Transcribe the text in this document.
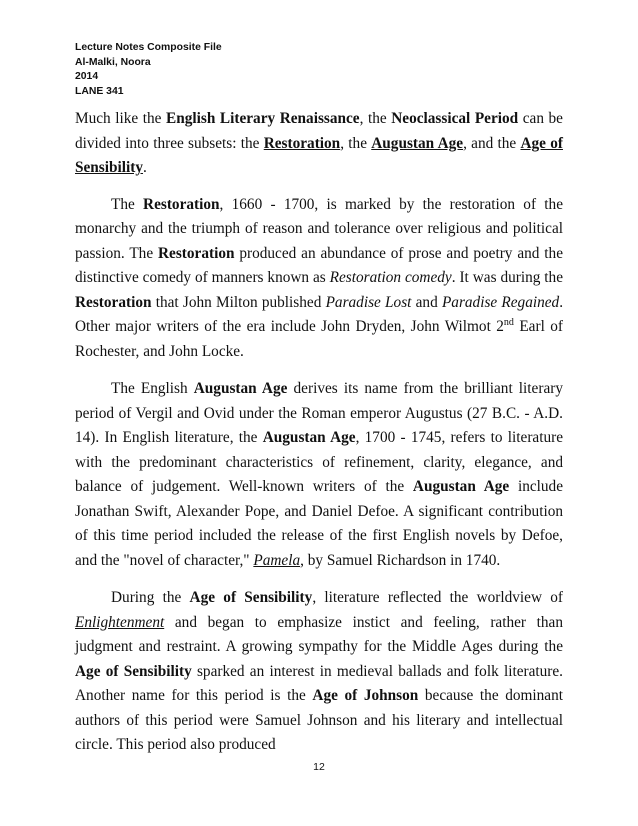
Lecture Notes Composite File
Al-Malki, Noora
2014
LANE 341

Much like the English Literary Renaissance, the Neoclassical Period can be divided into three subsets: the Restoration, the Augustan Age, and the Age of Sensibility.

The Restoration, 1660 - 1700, is marked by the restoration of the monarchy and the triumph of reason and tolerance over religious and political passion. The Restoration produced an abundance of prose and poetry and the distinctive comedy of manners known as Restoration comedy. It was during the Restoration that John Milton published Paradise Lost and Paradise Regained. Other major writers of the era include John Dryden, John Wilmot 2nd Earl of Rochester, and John Locke.

The English Augustan Age derives its name from the brilliant literary period of Vergil and Ovid under the Roman emperor Augustus (27 B.C. - A.D. 14). In English literature, the Augustan Age, 1700 - 1745, refers to literature with the predominant characteristics of refinement, clarity, elegance, and balance of judgement. Well-known writers of the Augustan Age include Jonathan Swift, Alexander Pope, and Daniel Defoe. A significant contribution of this time period included the release of the first English novels by Defoe, and the "novel of character," Pamela, by Samuel Richardson in 1740.

During the Age of Sensibility, literature reflected the worldview of Enlightenment and began to emphasize instict and feeling, rather than judgment and restraint. A growing sympathy for the Middle Ages during the Age of Sensibility sparked an interest in medieval ballads and folk literature. Another name for this period is the Age of Johnson because the dominant authors of this period were Samuel Johnson and his literary and intellectual circle. This period also produced

12
